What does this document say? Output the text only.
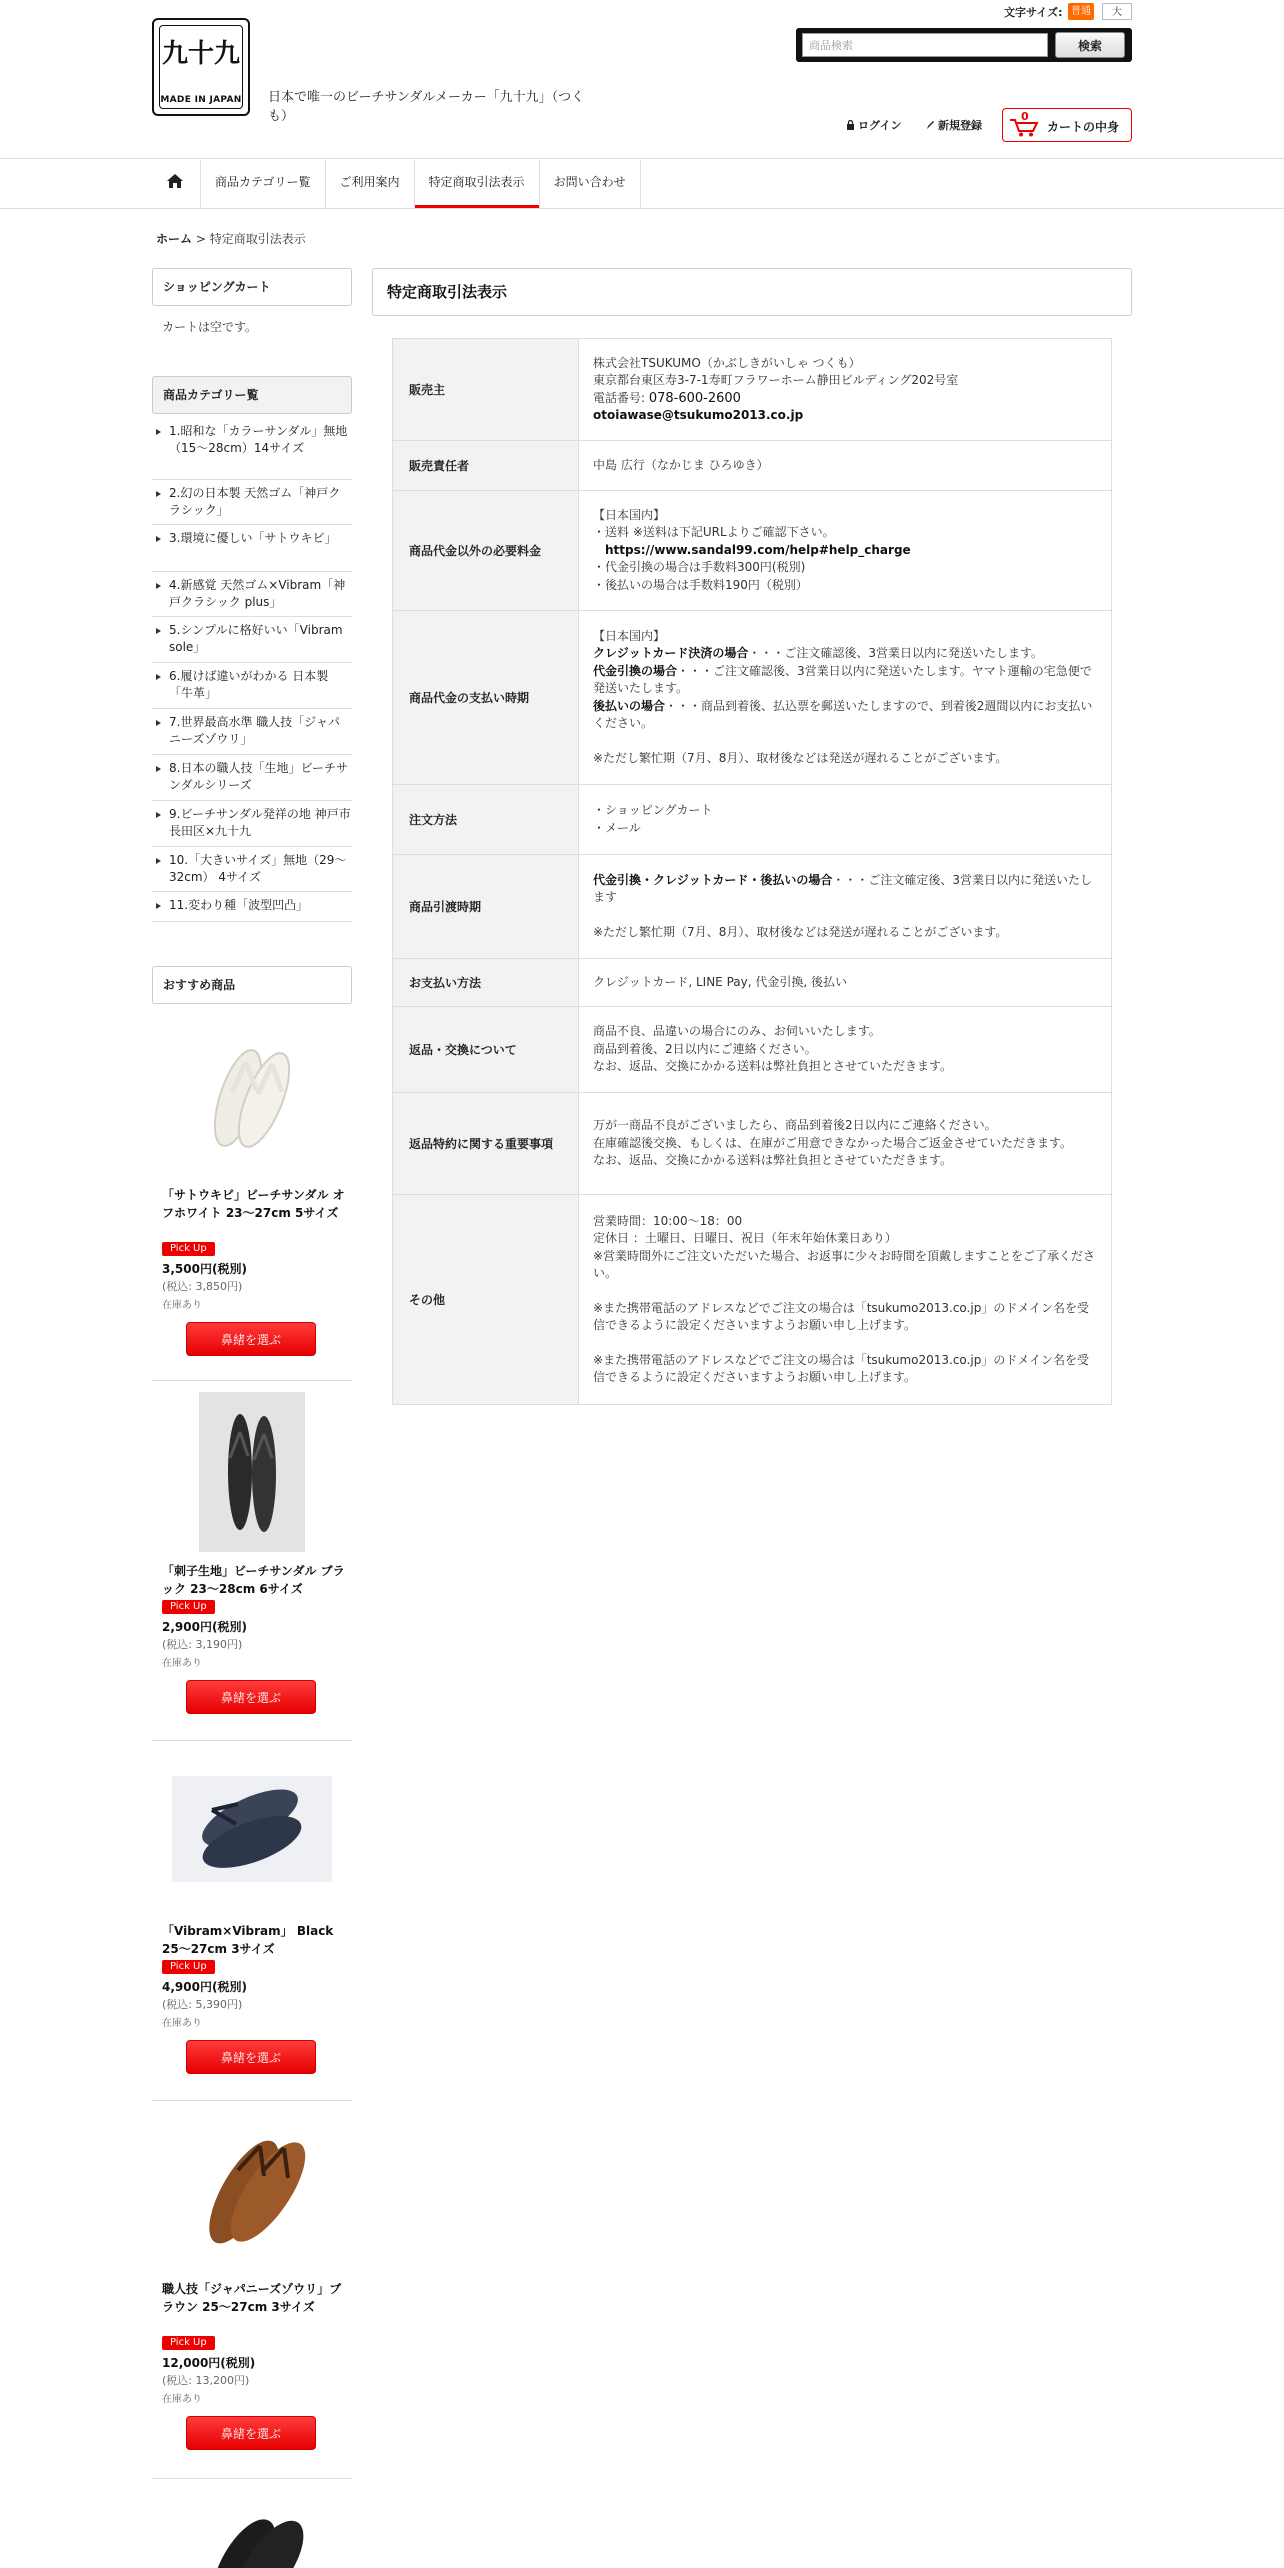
九十九
MADE IN JAPAN	日本で唯一のビーチサンダルメーカー「九十九」（つくも）
文字サイズ: 普通	大
商品検索
検索
ログイン	新規登録
0
カートの中身
商品カテゴリー覧	ご利用案内	特定商取引法表示	お問い合わせ
ホーム > 特定商取引法表示
ショッピングカート
カートは空です。
商品カテゴリー覧
1.昭和な「カラーサンダル」無地（15〜28cm）14サイズ
2.幻の日本製 天然ゴム「神戸クラシック」
3.環境に優しい「サトウキビ」
4.新感覚 天然ゴム×Vibram「神戸クラシック plus」
5.シンプルに格好いい「Vibram sole」
6.履けば違いがわかる 日本製「牛革」
7.世界最高水準 職人技「ジャパニーズゾウリ」
8.日本の職人技「生地」ビーチサンダルシリーズ
9.ビーチサンダル発祥の地 神戸市長田区×九十九
10.「大きいサイズ」無地（29〜32cm） 4サイズ
11.変わり種「波型凹凸」
おすすめ商品
「サトウキビ」ビーチサンダル オフホワイト 23〜27cm 5サイズ
Pick Up
3,500円(税別)
(税込: 3,850円)
在庫あり
鼻緒を選ぶ
「刺子生地」ビーチサンダル ブラック 23〜28cm 6サイズ
Pick Up
2,900円(税別)
(税込: 3,190円)
在庫あり
鼻緒を選ぶ
「Vibram×Vibram」 Black 25〜27cm 3サイズ
Pick Up
4,900円(税別)
(税込: 5,390円)
在庫あり
鼻緒を選ぶ
職人技「ジャパニーズゾウリ」ブラウン 25〜27cm 3サイズ
Pick Up
12,000円(税別)
(税込: 13,200円)
在庫あり
鼻緒を選ぶ
特定商取引法表示
販売主	株式会社TSUKUMO（かぶしきがいしゃ つくも）
東京都台東区寿3-7-1寿町フラワーホーム静田ビルディング202号室
電話番号: 078-600-2600
otoiawase@tsukumo2013.co.jp

販売責任者	中島 広行（なかじま ひろゆき）
商品代金以外の必要料金	【日本国内】
・送料 ※送料は下記URLよりご確認下さい。
https://www.sandal99.com/help#help_charge
・代金引換の場合は手数料300円(税別)
・後払いの場合は手数料190円（税別）

商品代金の支払い時期	【日本国内】
クレジットカード決済の場合・・・ご注文確認後、3営業日以内に発送いたします。
代金引換の場合・・・ご注文確認後、3営業日以内に発送いたします。ヤマト運輸の宅急便で発送いたします。
後払いの場合・・・商品到着後、払込票を郵送いたしますので、到着後2週間以内にお支払いください。
※ただし繁忙期（7月、8月）、取材後などは発送が遅れることがございます。

注文方法	・ショッピングカート
・メール

商品引渡時期	代金引換・クレジットカード・後払いの場合・・・ご注文確定後、3営業日以内に発送いたします
※ただし繁忙期（7月、8月）、取材後などは発送が遅れることがございます。

お支払い方法	クレジットカード, LINE Pay, 代金引換, 後払い
返品・交換について	商品不良、品違いの場合にのみ、お伺いいたします。
商品到着後、2日以内にご連絡ください。
なお、返品、交換にかかる送料は弊社負担とさせていただきます。

返品特約に関する重要事項	万が一商品不良がございましたら、商品到着後2日以内にご連絡ください。
在庫確認後交換、もしくは、在庫がご用意できなかった場合ご返金させていただきます。
なお、返品、交換にかかる送料は弊社負担とさせていただきます。

その他	営業時間：10:00〜18：00
定休日 ：土曜日、日曜日、祝日（年末年始休業日あり）
※営業時間外にご注文いただいた場合、お返事に少々お時間を頂戴しますことをご了承ください。
※また携帯電話のアドレスなどでご注文の場合は「tsukumo2013.co.jp」のドメイン名を受信できるように設定くださいますようお願い申し上げます。
※また携帯電話のアドレスなどでご注文の場合は「tsukumo2013.co.jp」のドメイン名を受信できるように設定くださいますようお願い申し上げます。
